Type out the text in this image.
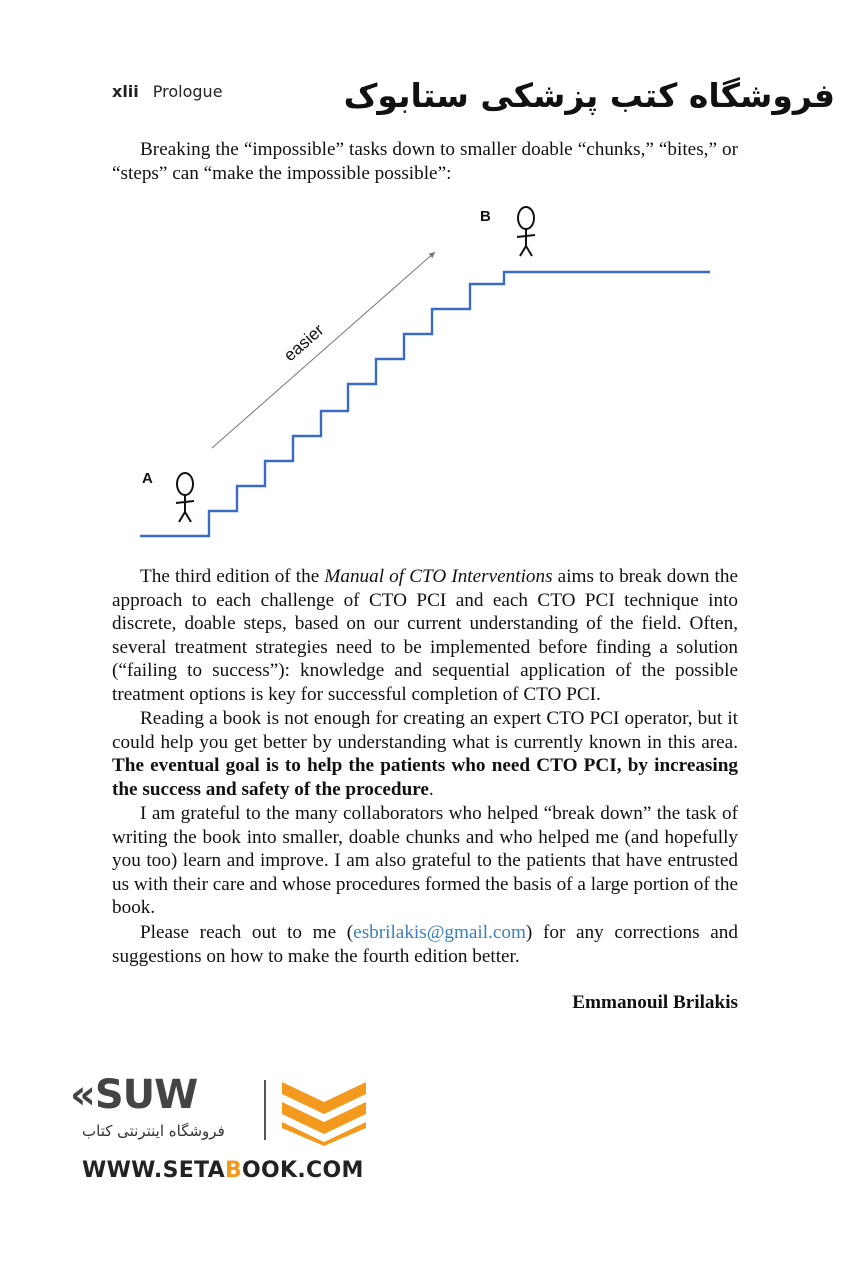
xlii Prologue	فروشگاه کتب پزشکی ستابوک

Breaking the “impossible” tasks down to smaller doable “chunks,” “bites,” or “steps” can “make the impossible possible”:

easier
A
B

The third edition of the Manual of CTO Interventions aims to break down the approach to each challenge of CTO PCI and each CTO PCI technique into discrete, doable steps, based on our current understanding of the field. Often, several treatment strategies need to be implemented before finding a solution (“failing to success”): knowledge and sequential application of the possible treatment options is key for successful completion of CTO PCI.

Reading a book is not enough for creating an expert CTO PCI operator, but it could help you get better by understanding what is currently known in this area. The eventual goal is to help the patients who need CTO PCI, by increasing the success and safety of the procedure.

I am grateful to the many collaborators who helped “break down” the task of writing the book into smaller, doable chunks and who helped me (and hopefully you too) learn and improve. I am also grateful to the patients that have entrusted us with their care and whose procedures formed the basis of a large portion of the book.

Please reach out to me (esbrilakis@gmail.com) for any corrections and suggestions on how to make the fourth edition better.

Emmanouil Brilakis
«SUW
فروشگاه اینترنتی کتاب
WWW.SETABOOK.COM
